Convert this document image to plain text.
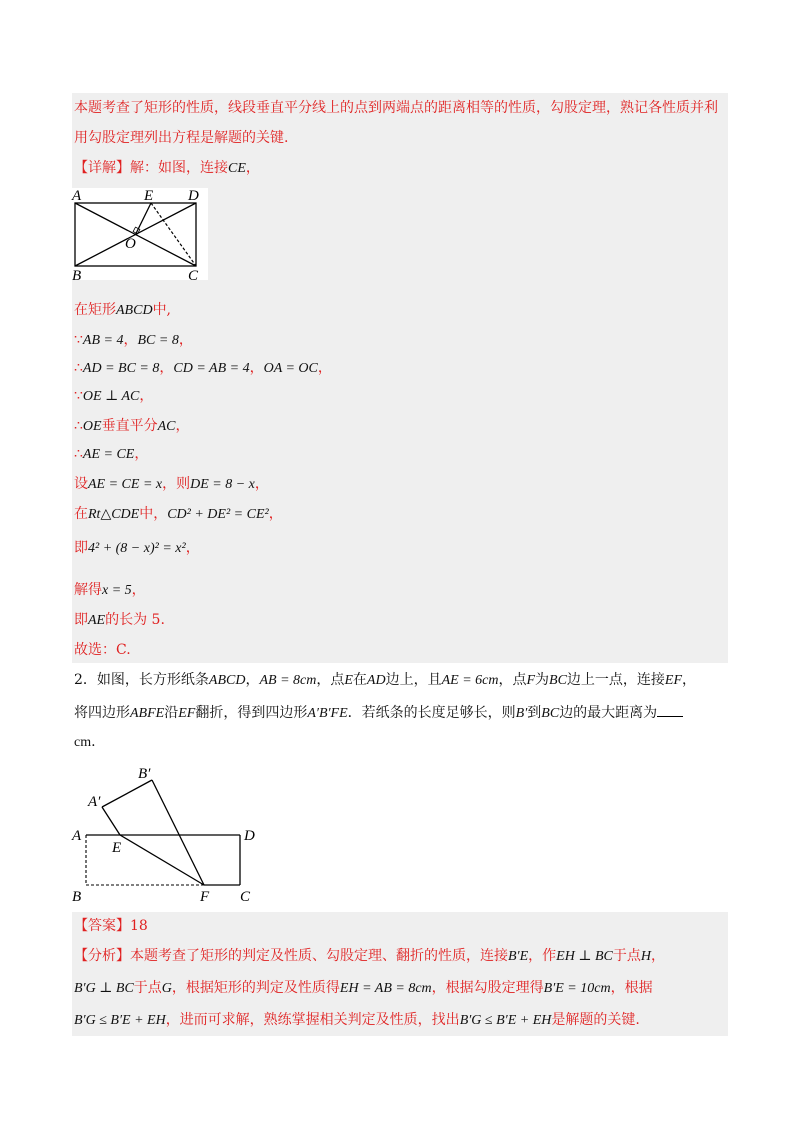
本题考查了矩形的性质，线段垂直平分线上的点到两端点的距离相等的性质，勾股定理，熟记各性质并利
用勾股定理列出方程是解题的关键.
【详解】解：如图，连接CE，
A	E D
O
B	C
在矩形ABCD中,
∵AB = 4，BC = 8，
∴AD = BC = 8，CD = AB = 4，OA = OC，
∵OE ⊥ AC，
∴OE垂直平分AC，
∴AE = CE，
设AE = CE = x，则DE = 8 − x，
在Rt△CDE中，CD² + DE² = CE²，
即4² + (8 − x)² = x²，
解得x = 5，
即AE的长为 5.
故选：C.
2．如图，长方形纸条ABCD，AB = 8cm，点E在AD边上，且AE = 6cm，点F为BC边上一点，连接EF，
将四边形ABFE沿EF翻折，得到四边形A′B′FE．若纸条的长度足够长，则B′到BC边的最大距离为
cm.
A
E
D
B	F C
A′
B′
【答案】18
【分析】本题考查了矩形的判定及性质、勾股定理、翻折的性质，连接B′E，作EH ⊥ BC于点H，
B′G ⊥ BC于点G，根据矩形的判定及性质得EH = AB = 8cm，根据勾股定理得B′E = 10cm，根据
B′G ≤ B′E + EH，进而可求解，熟练掌握相关判定及性质，找出B′G ≤ B′E + EH是解题的关键.
